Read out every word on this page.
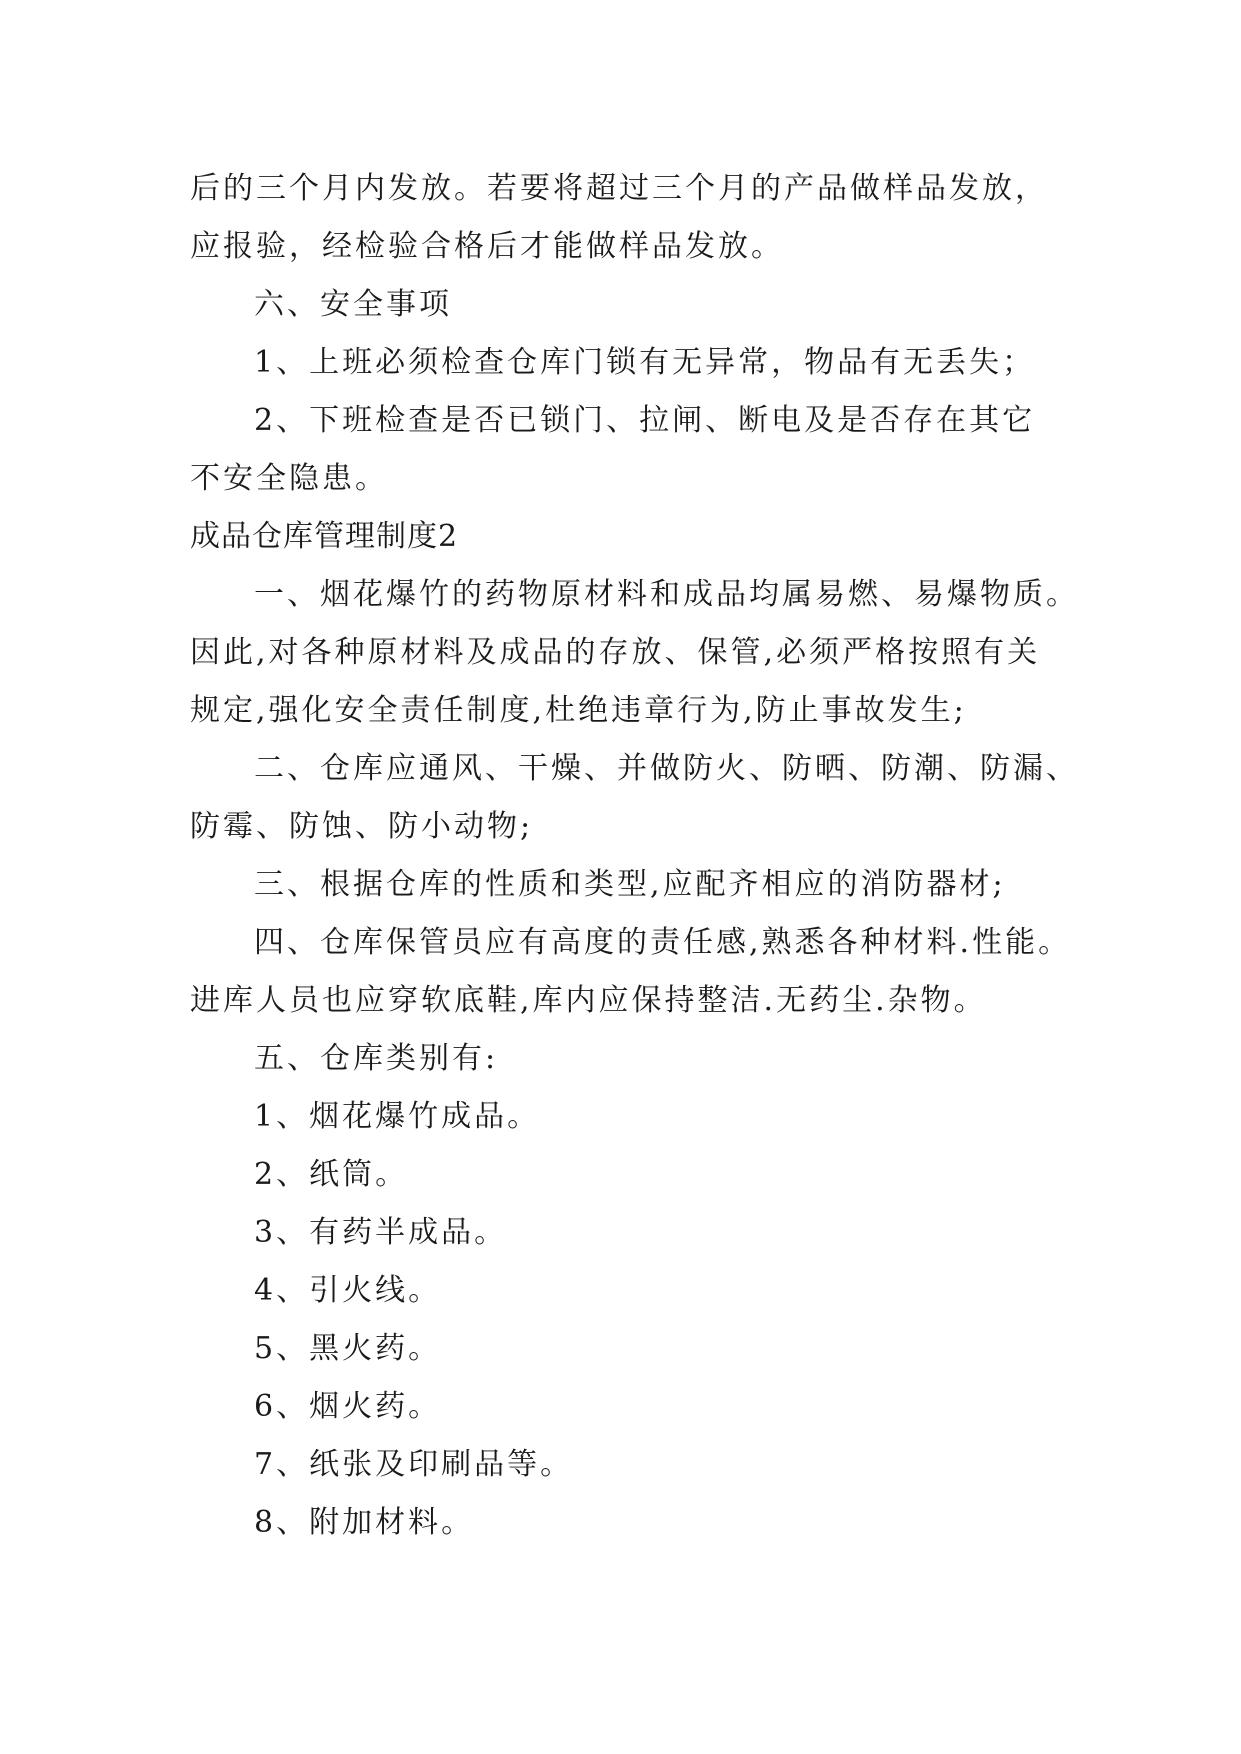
后的三个月内发放。若要将超过三个月的产品做样品发放，
应报验，经检验合格后才能做样品发放。
六、安全事项
1、上班必须检查仓库门锁有无异常，物品有无丢失；
2、下班检查是否已锁门、拉闸、断电及是否存在其它
不安全隐患。
成品仓库管理制度2
一、烟花爆竹的药物原材料和成品均属易燃、易爆物质。
因此,对各种原材料及成品的存放、保管,必须严格按照有关
规定,强化安全责任制度,杜绝违章行为,防止事故发生;
二、仓库应通风、干燥、并做防火、防晒、防潮、防漏、
防霉、防蚀、防小动物;
三、根据仓库的性质和类型,应配齐相应的消防器材;
四、仓库保管员应有高度的责任感,熟悉各种材料.性能。
进库人员也应穿软底鞋,库内应保持整洁.无药尘.杂物。
五、仓库类别有:
1、烟花爆竹成品。
2、纸筒。
3、有药半成品。
4、引火线。
5、黑火药。
6、烟火药。
7、纸张及印刷品等。
8、附加材料。
